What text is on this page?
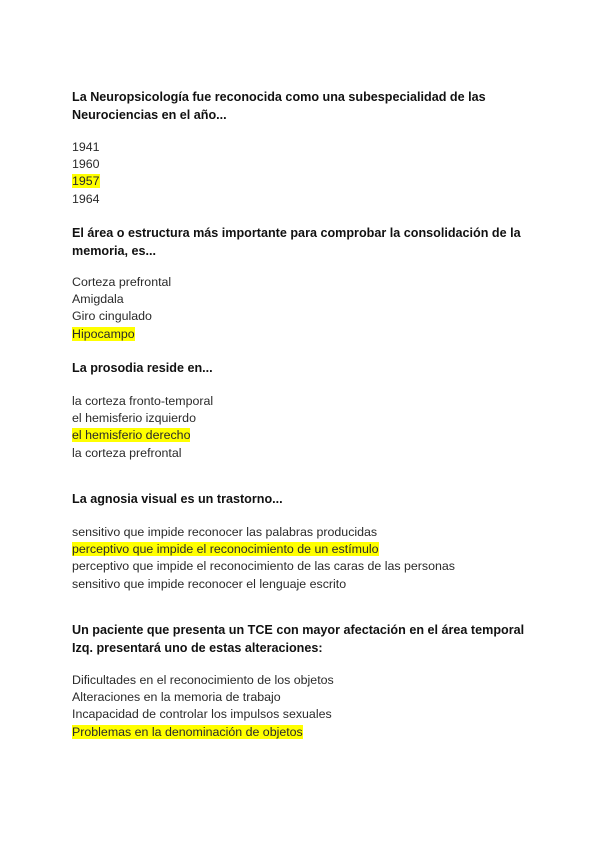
La Neuropsicología fue reconocida como una subespecialidad de las Neurociencias en el año...
1941
1960
1957
1964
El área o estructura más importante para comprobar la consolidación de la memoria, es...
Corteza prefrontal
Amigdala
Giro cingulado
Hipocampo
La prosodia reside en...
la corteza fronto-temporal
el hemisferio izquierdo
el hemisferio derecho
la corteza prefrontal
La agnosia visual es un trastorno...
sensitivo que impide reconocer las palabras producidas
perceptivo que impide el reconocimiento de un estímulo
perceptivo que impide el reconocimiento de las caras de las personas
sensitivo que impide reconocer el lenguaje escrito
Un paciente que presenta un TCE con mayor afectación en el área temporal Izq. presentará uno de estas alteraciones:
Dificultades en el reconocimiento de los objetos
Alteraciones en la memoria de trabajo
Incapacidad de controlar los impulsos sexuales
Problemas en la denominación de objetos
